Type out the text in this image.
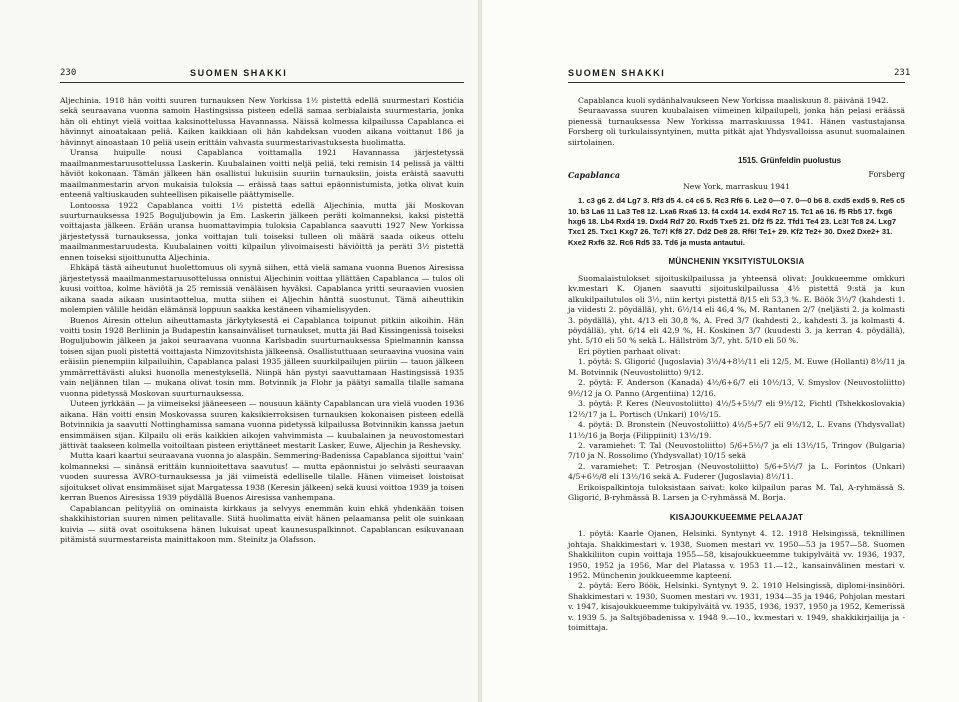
230	SUOMEN SHAKKI

Aljechinia. 1918 hän voitti suuren turnauksen New Yorkissa 1½ pistettä edellä suurmestari Kostićia sekä seuraavana vuonna samoin Hastingsissa pisteen edellä samaa serbialaista suurmestaria, jonka hän oli ehtinyt vielä voittaa kaksinottelussa Havannassa. Näissä kolmessa kilpailussa Capablanca ei hävinnyt ainoatakaan peliä. Kaiken kaikkiaan oli hän kahdeksan vuoden aikana voittanut 186 ja hävinnyt ainoastaan 10 peliä usein erittäin vahvasta suurmestarivastuksesta huolimatta.

Uransa huipulle nousi Capablanca voittamalla 1921 Havannassa järjestetyssä maailmanmestaruusottelussa Laskerin. Kuubalainen voitti neljä peliä, teki remisin 14 pelissä ja vältti häviöt kokonaan. Tämän jälkeen hän osallistui lukuisiin suuriin turnauksiin, joista eräistä saavutti maailmanmestarin arvon mukaisia tuloksia — eräissä taas sattui epäonnistumista, jotka olivat kuin enteenä valtiuskauden suhteellisen pikaiselle päättymiselle.

Lontoossa 1922 Capablanca voitti 1½ pistettä edellä Aljechinia, mutta jäi Moskovan suurturnauksessa 1925 Boguljubowin ja Em. Laskerin jälkeen peräti kolmanneksi, kaksi pistettä voittajasta jälkeen. Erään uransa huomattavimpia tuloksia Capablanca saavutti 1927 New Yorkissa järjestetyssä turnauksessa, jonka voittajan tuli toiseksi tulleen oli määrä saada oikeus ottelu maailmanmestaruudesta. Kuubalainen voitti kilpailun ylivoimaisesti häviöittä ja peräti 3½ pistettä ennen toiseksi sijoittunutta Aljechinia.

Ehkäpä tästä aiheutunut huolettomuus oli syynä siihen, että vielä samana vuonna Buenos Airesissa järjestetyssä maailmanmestaruusottelussa onnistui Aljechinin voittaa yllättäen Capablanca — tulos oli kuusi voittoa, kolme häviötä ja 25 remissiä venäläisen hyväksi. Capablanca yritti seuraavien vuosien aikana saada aikaan uusintaottelua, mutta siihen ei Aljechin hänttä suostunut. Tämä aiheuttikin molempien välille heidän elämänsä loppuun saakka kestäneen vihamielisyyden.

Buenos Airesin ottelun aiheuttamasta järkytyksestä ei Capablanca toipunut pitkiin aikoihin. Hän voitti tosin 1928 Berliinin ja Budapestin kansainväliset turnaukset, mutta jäi Bad Kissingenissä toiseksi Boguljubowin jälkeen ja jakoi seuraavana vuonna Karlsbadin suurturnauksessa Spielmannin kanssa toisen sijan puoli pistettä voittajasta Nimzovitshista jälkeensä. Osallistuttuaan seuraavina vuosina vain eräisiin pienempiin kilpailuihin, Capablanca palasi 1935 jälleen suurkilpailujen piiriin — tauon jälkeen ymmärrettävästi aluksi huonolla menestyksellä. Niinpä hän pystyi saavuttamaan Hastingsissä 1935 vain neljännen tilan — mukana olivat tosin mm. Botvinnik ja Flohr ja päätyi samalla tilalle samana vuonna pidetyssä Moskovan suurturnauksessa.

Uuteen jyrkkään — ja viimeiseksi jääneeseen — nousuun käänty Capablancan ura vielä vuoden 1936 aikana. Hän voitti ensin Moskovassa suuren kaksikierroksisen turnauksen kokonaisen pisteen edellä Botvinnikia ja saavutti Nottinghamissa samana vuonna pidetyssä kilpailussa Botvinnikin kanssa jaetun ensimmäisen sijan. Kilpailu oli eräs kaikkien aikojen vahvimmista — kuubalainen ja neuvostomestari jättivät taakseen kolmella voitoiltaan pisteen eriyttäneet mestarit Lasker, Euwe, Aljechin ja Reshevsky.

Mutta kaari kaartui seuraavana vuonna jo alaspäin. Semmering-Badenissa Capablanca sijoittui 'vain' kolmanneksi — sinänsä erittäin kunnioitettava saavutus! — mutta epäonnistui jo selvästi seuraavan vuoden suuressa AVRO-turnauksessa ja jäi viimeistä edelliselle tilalle. Hänen viimeiset loistoisat sijoitukset olivat ensimmäiset sijat Margatessa 1938 (Keresin jälkeen) sekä kuusi voittoa 1939 ja toisen kerran Buenos Airesissa 1939 pöydällä Buenos Airesissa vanhempana.

Capablancan pelityyliä on ominaista kirkkaus ja selvyys enemmän kuin ehkä yhdenkään toisen shakkihistorian suuren nimen pelitavalle. Siitä huolimatta eivät hänen pelaamansa pelit ole suinkaan kuivia — siitä ovat osoituksena hänen lukuisat upeat kaunesuspalkinnot. Capablancan esikuvanaan pitämistä suurmestareista mainittakoon mm. Steinitz ja Olafsson.

SUOMEN SHAKKI	231

Capablanca kuoli sydänhalvaukseen New Yorkissa maaliskuun 8. päivänä 1942.

Seuraavassa suuren kuubalaisen viimeinen kilpailupeli, jonka hän pelasi eräässä pienessä turnauksessa New Yorkissa marraskuussa 1941. Hänen vastustajansa Forsberg oli turkulaissyntyinen, mutta pitkät ajat Yhdysvalloissa asunut suomalainen siirtolainen.

1515. Grünfeldin puolustus
Capablanca	Forsberg
New York, marraskuu 1941

1. c3 g6 2. d4 Lg7 3. Rf3 d5 4. c4 c6 5. Rc3 Rf6 6. Le2 0—0 7. 0—0 b6 8. cxd5 exd5 9. Re5 c5 10. b3 La6 11 La3 Te8 12. Lxa6 Rxa6 13. f4 cxd4 14. exd4 Rc7 15. Tc1 a6 16. f5 Rb5 17. fxg6 hxg6 18. Lb4 Rxd4 19. Dxd4 Rd7 20. Rxd5 Txe5 21. Df2 f5 22. Tfd1 Te4 23. Lc3! Tc8 24. Lxg7 Txc1 25. Txc1 Kxg7 26. Tc7! Kf8 27. Dd2 De8 28. Rf6! Te1+ 29. Kf2 Te2+ 30. Dxe2 Dxe2+ 31. Kxe2 Rxf6 32. Rc6 Rd5 33. Td6 ja musta antautui.

MÜNCHENIN YKSITYISTULOKSIA

Suomalaistulokset sijoituskilpailussa ja yhteensä olivat: Joukkueemme omkkuri kv.mestari K. Ojanen saavutti sijoituskilpailussa 4½ pistettä 9:stä ja kun alkukilpailutulos oli 3½, niin kertyi pistettä 8/15 eli 53,3 %. E. Böök 3½/7 (kahdesti 1. ja viidesti 2. pöydällä), yht. 6½/14 eli 46,4 %, M. Rantanen 2/7 (neljästi 2. ja kolmasti 3. pöydällä), yht. 4/13 eli 30,8 %, A. Fred 3/7 (kahdesti 2., kahdesti 3. ja kolmasti 4. pöydällä), yht. 6/14 eli 42,9 %, H. Koskinen 3/7 (kuudesti 3. ja kerran 4. pöydällä), yht. 5/10 eli 50 % sekä L. Hällström 3/7, yht. 5/10 eli 50 %.

Eri pöytien parhaat olivat:

1. pöytä: S. Gligorić (Jugoslavia) 3½/4+8½/11 eli 12/5, M. Euwe (Hollanti) 8½/11 ja M. Botvinnik (Neuvostoliitto) 9/12.

2. pöytä: F. Anderson (Kanada) 4½/6+6/7 eli 10½/13, V. Smyslov (Neuvostoliitto) 9½/12 ja O. Panno (Argentiina) 12/16.

3. pöytä: P. Keres (Neuvostoliitto) 4½/5+5½/7 eli 9½/12, Fichtl (Tshekkoslovakia) 12½/17 ja L. Portisch (Unkari) 10½/15.

4. pöytä: D. Bronstein (Neuvostoliitto) 4½/5+5/7 eli 9½/12, L. Evans (Yhdysvallat) 11½/16 ja Borja (Filippiinit) 13½/19.

2. varamiehet: T. Tal (Neuvostoliitto) 5/6+5½/7 ja eli 13½/15, Tringov (Bulgaria) 7/10 ja N. Rossolimo (Yhdysvallat) 10/15 sekä

2. varamiehet: T. Petrosjan (Neuvostoliitto) 5/6+5½/7 ja L. Forintos (Unkari) 4/5+6½/8 eli 13½/16 sekä A. Fuderer (Jugoslavia) 8½/11.

Erikoispalkintoja tuloksistaan saivat: koko kilpailun paras M. Tal, A-ryhmässä S. Gligorić, B-ryhmässä B. Larsen ja C-ryhmässä M. Borja.

KISAJOUKKUEEMME PELAAJAT

1. pöytä: Kaarle Ojanen, Helsinki. Syntynyt 4. 12. 1918 Helsingissä, teknillinen johtaja. Shakkimestari v. 1938, Suomen mestari vv. 1950—53 ja 1957—58. Suomen Shakkiliiton cupin voittaja 1955—58, kisajoukkueemme tukipylväitä vv. 1936, 1937, 1950, 1952 ja 1956, Mar del Platassa v. 1953 11.—12., kansainvälinen mestari v. 1952. Münchenin joukkueemme kapteeni.

2. pöytä: Eero Böök, Helsinki. Syntynyt 9. 2. 1910 Helsingissä, diplomi-insinööri. Shakkimestari v. 1930, Suomen mestari vv. 1931, 1934—35 ja 1946, Pohjolan mestari v. 1947, kisajoukkueemme tukipylväitä vv. 1935, 1936, 1937, 1950 ja 1952, Kemerissä v. 1939 5. ja Saltsjöbadenissa v. 1948 9.—10., kv.mestari v. 1949, shakkikirjailija ja -toimittaja.
